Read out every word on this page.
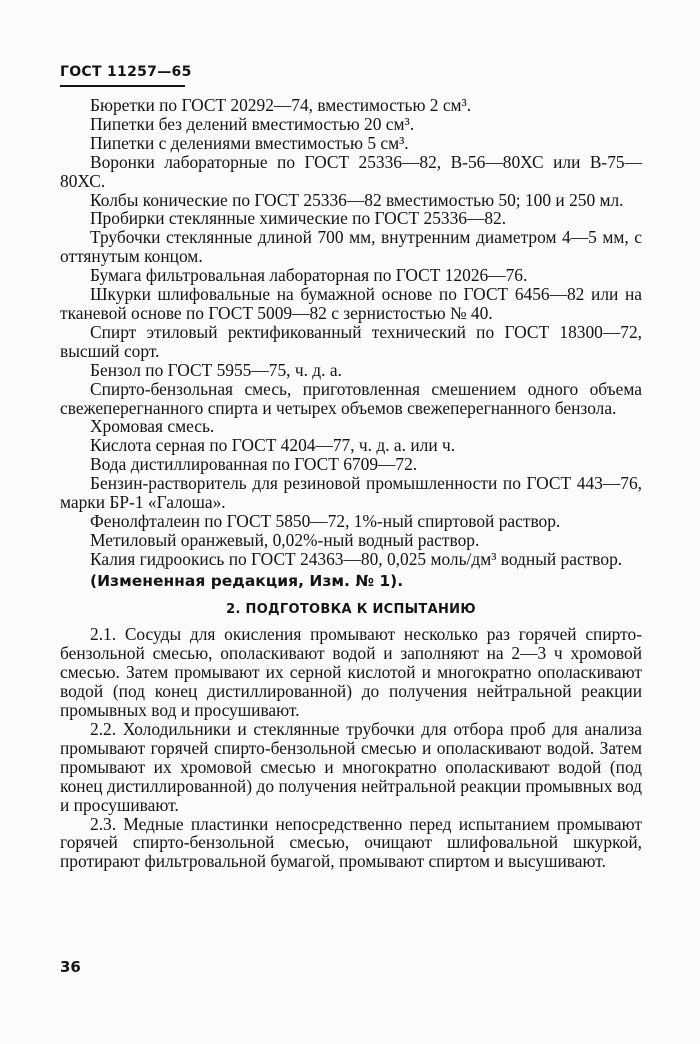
ГОСТ 11257—65

Бюретки по ГОСТ 20292—74, вместимостью 2 см³.

Пипетки без делений вместимостью 20 см³.

Пипетки с делениями вместимостью 5 см³.

Воронки лабораторные по ГОСТ 25336—82, В-56—80ХС или В-75—80ХС.

Колбы конические по ГОСТ 25336—82 вместимостью 50; 100 и 250 мл.

Пробирки стеклянные химические по ГОСТ 25336—82.

Трубочки стеклянные длиной 700 мм, внутренним диаметром 4—5 мм, с оттянутым концом.

Бумага фильтровальная лабораторная по ГОСТ 12026—76.

Шкурки шлифовальные на бумажной основе по ГОСТ 6456—82 или на тканевой основе по ГОСТ 5009—82 с зернистостью № 40.

Спирт этиловый ректификованный технический по ГОСТ 18300—72, высший сорт.

Бензол по ГОСТ 5955—75, ч. д. а.

Спирто-бензольная смесь, приготовленная смешением одного объема свежеперегнанного спирта и четырех объемов свежеперегнанного бензола.

Хромовая смесь.

Кислота серная по ГОСТ 4204—77, ч. д. а. или ч.

Вода дистиллированная по ГОСТ 6709—72.

Бензин-растворитель для резиновой промышленности по ГОСТ 443—76, марки БР-1 «Галоша».

Фенолфталеин по ГОСТ 5850—72, 1%-ный спиртовой раствор.

Метиловый оранжевый, 0,02%-ный водный раствор.

Калия гидроокись по ГОСТ 24363—80, 0,025 моль/дм³ водный раствор.

(Измененная редакция, Изм. № 1).

2. ПОДГОТОВКА К ИСПЫТАНИЮ

2.1. Сосуды для окисления промывают несколько раз горячей спирто-бензольной смесью, ополаскивают водой и заполняют на 2—3 ч хромовой смесью. Затем промывают их серной кислотой и многократно ополаскивают водой (под конец дистиллированной) до получения нейтральной реакции промывных вод и просушивают.

2.2. Холодильники и стеклянные трубочки для отбора проб для анализа промывают горячей спирто-бензольной смесью и ополаскивают водой. Затем промывают их хромовой смесью и многократно ополаскивают водой (под конец дистиллированной) до получения нейтральной реакции промывных вод и просушивают.

2.3. Медные пластинки непосредственно перед испытанием промывают горячей спирто-бензольной смесью, очищают шлифовальной шкуркой, протирают фильтровальной бумагой, промывают спиртом и высушивают.

36
